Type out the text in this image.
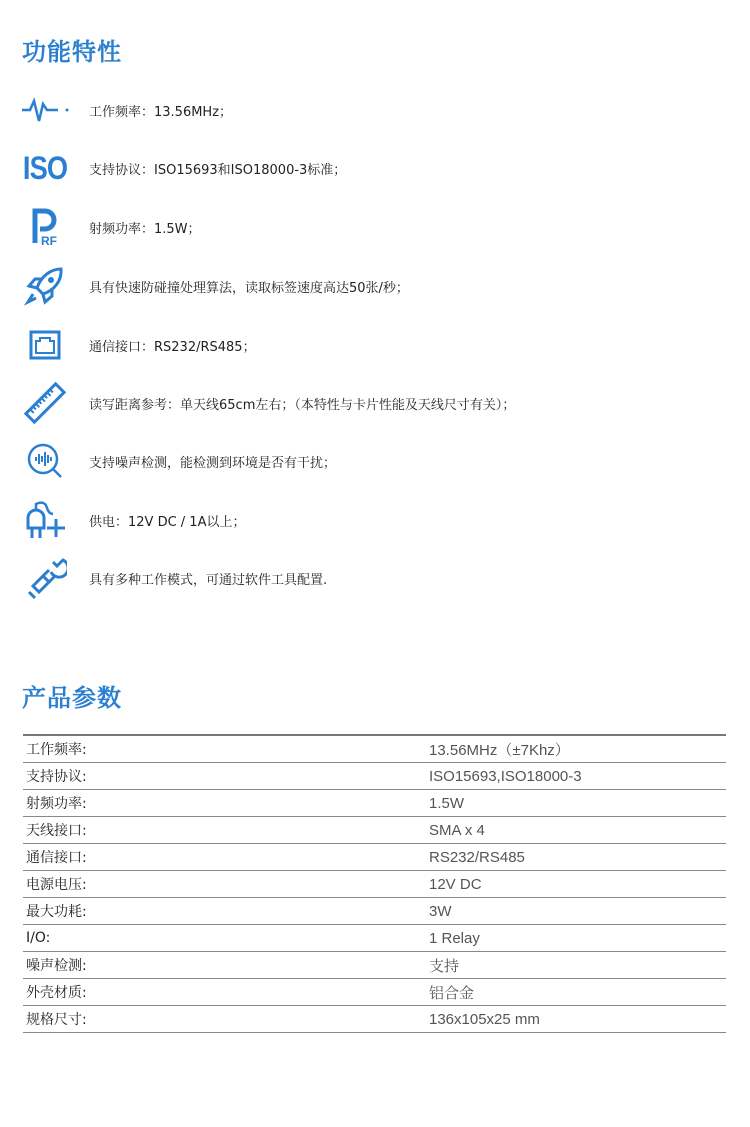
功能特性
工作频率：13.56MHz；
ISO 支持协议：ISO15693和ISO18000-3标准；
RF
射频功率：1.5W；
具有快速防碰撞处理算法，读取标签速度高达50张/秒；
通信接口：RS232/RS485；
读写距离参考：单天线65cm左右；（本特性与卡片性能及天线尺寸有关）；
支持噪声检测，能检测到环境是否有干扰；
供电：12V DC / 1A以上；
具有多种工作模式，可通过软件工具配置.
产品参数
工作频率:	13.56MHz（±7Khz）
支持协议:	ISO15693,ISO18000-3
射频功率:	1.5W
天线接口:	SMA x 4
通信接口:	RS232/RS485
电源电压:	12V DC
最大功耗:	3W
I/O:	1 Relay
噪声检测:	支持
外壳材质:	铝合金
规格尺寸:	136x105x25 mm
